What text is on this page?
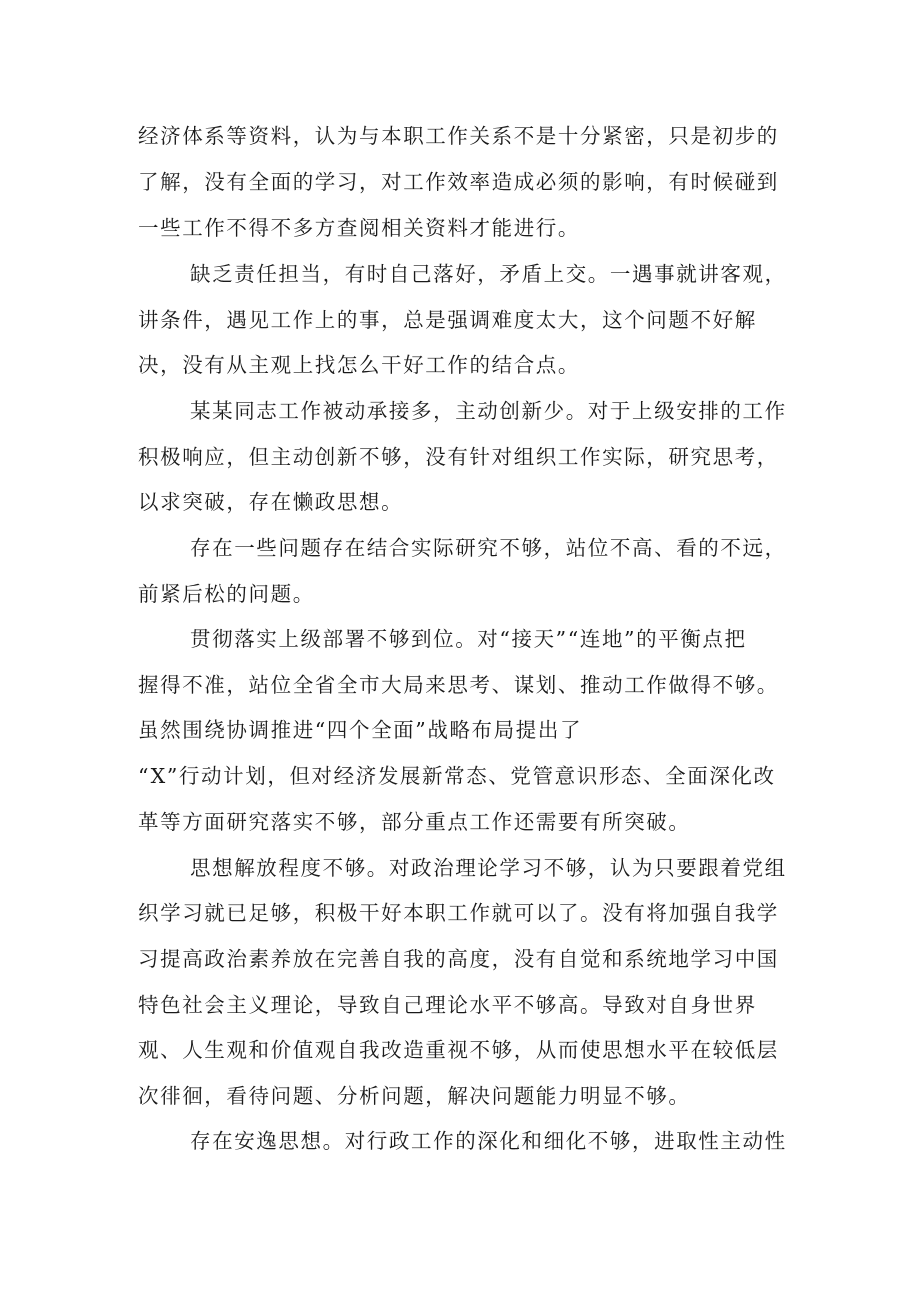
经济体系等资料，认为与本职工作关系不是十分紧密，只是初步的
了解，没有全面的学习，对工作效率造成必须的影响，有时候碰到
一些工作不得不多方查阅相关资料才能进行。
缺乏责任担当，有时自己落好，矛盾上交。一遇事就讲客观，
讲条件，遇见工作上的事，总是强调难度太大，这个问题不好解
决，没有从主观上找怎么干好工作的结合点。
某某同志工作被动承接多，主动创新少。对于上级安排的工作
积极响应，但主动创新不够，没有针对组织工作实际，研究思考，
以求突破，存在懒政思想。
存在一些问题存在结合实际研究不够，站位不高、看的不远，
前紧后松的问题。
贯彻落实上级部署不够到位。对“接天”“连地”的平衡点把
握得不准，站位全省全市大局来思考、谋划、推动工作做得不够。
虽然围绕协调推进“四个全面”战略布局提出了
“X”行动计划，但对经济发展新常态、党管意识形态、全面深化改
革等方面研究落实不够，部分重点工作还需要有所突破。
思想解放程度不够。对政治理论学习不够，认为只要跟着党组
织学习就已足够，积极干好本职工作就可以了。没有将加强自我学
习提高政治素养放在完善自我的高度，没有自觉和系统地学习中国
特色社会主义理论，导致自己理论水平不够高。导致对自身世界
观、人生观和价值观自我改造重视不够，从而使思想水平在较低层
次徘徊，看待问题、分析问题，解决问题能力明显不够。
存在安逸思想。对行政工作的深化和细化不够，进取性主动性
